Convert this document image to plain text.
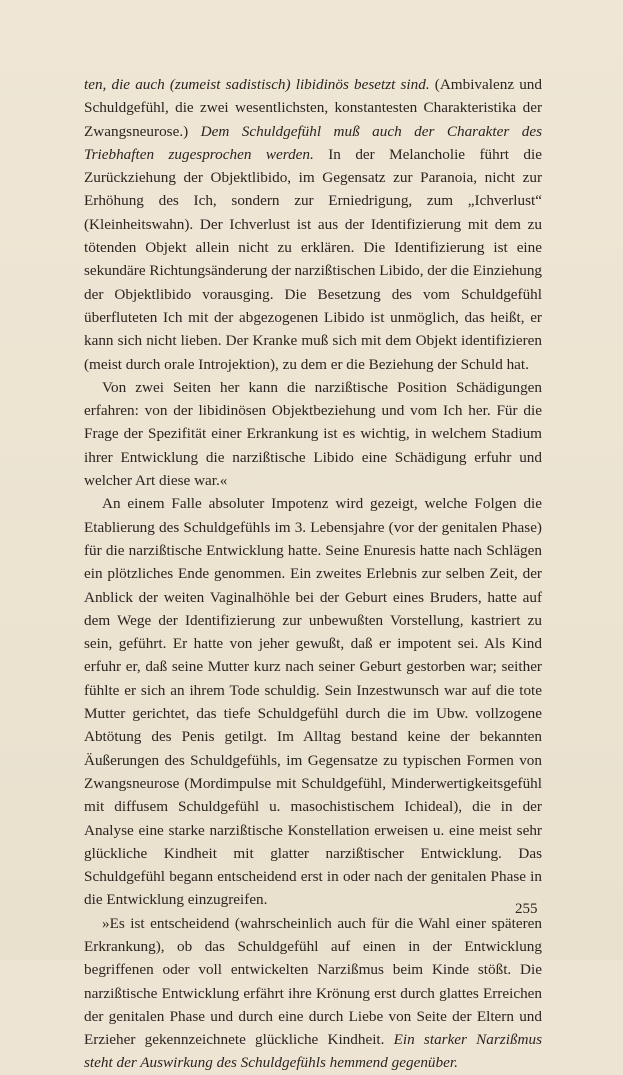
ten, die auch (zumeist sadistisch) libidinös besetzt sind. (Ambivalenz und Schuldgefühl, die zwei wesentlichsten, konstantesten Charakteristika der Zwangsneurose.) Dem Schuldgefühl muß auch der Charakter des Triebhaften zugesprochen werden. In der Melancholie führt die Zurückziehung der Objektlibido, im Gegensatz zur Paranoia, nicht zur Erhöhung des Ich, sondern zur Erniedrigung, zum „Ichverlust“ (Kleinheitswahn). Der Ichverlust ist aus der Identifizierung mit dem zu tötenden Objekt allein nicht zu erklären. Die Identifizierung ist eine sekundäre Richtungsänderung der narzißtischen Libido, der die Einziehung der Objektlibido vorausging. Die Besetzung des vom Schuldgefühl überfluteten Ich mit der abgezogenen Libido ist unmöglich, das heißt, er kann sich nicht lieben. Der Kranke muß sich mit dem Objekt identifizieren (meist durch orale Introjektion), zu dem er die Beziehung der Schuld hat.

Von zwei Seiten her kann die narzißtische Position Schädigungen erfahren: von der libidinösen Objektbeziehung und vom Ich her. Für die Frage der Spezifität einer Erkrankung ist es wichtig, in welchem Stadium ihrer Entwicklung die narzißtische Libido eine Schädigung erfuhr und welcher Art diese war.«

An einem Falle absoluter Impotenz wird gezeigt, welche Folgen die Etablierung des Schuldgefühls im 3. Lebensjahre (vor der genitalen Phase) für die narzißtische Entwicklung hatte. Seine Enuresis hatte nach Schlägen ein plötzliches Ende genommen. Ein zweites Erlebnis zur selben Zeit, der Anblick der weiten Vaginalhöhle bei der Geburt eines Bruders, hatte auf dem Wege der Identifizierung zur unbewußten Vorstellung, kastriert zu sein, geführt. Er hatte von jeher gewußt, daß er impotent sei. Als Kind erfuhr er, daß seine Mutter kurz nach seiner Geburt gestorben war; seither fühlte er sich an ihrem Tode schuldig. Sein Inzestwunsch war auf die tote Mutter gerichtet, das tiefe Schuldgefühl durch die im Ubw. vollzogene Abtötung des Penis getilgt. Im Alltag bestand keine der bekannten Äußerungen des Schuldgefühls, im Gegensatze zu typischen Formen von Zwangsneurose (Mordimpulse mit Schuldgefühl, Minderwertigkeitsgefühl mit diffusem Schuldgefühl u. masochistischem Ichideal), die in der Analyse eine starke narzißtische Konstellation erweisen u. eine meist sehr glückliche Kindheit mit glatter narzißtischer Entwicklung. Das Schuldgefühl begann entscheidend erst in oder nach der genitalen Phase in die Entwicklung einzugreifen.

»Es ist entscheidend (wahrscheinlich auch für die Wahl einer späteren Erkrankung), ob das Schuldgefühl auf einen in der Entwicklung begriffenen oder voll entwickelten Narzißmus beim Kinde stößt. Die narzißtische Entwicklung erfährt ihre Krönung erst durch glattes Erreichen der genitalen Phase und durch eine durch Liebe von Seite der Eltern und Erzieher gekennzeichnete glückliche Kindheit. Ein starker Narzißmus steht der Auswirkung des Schuldgefühls hemmend gegenüber.

255
